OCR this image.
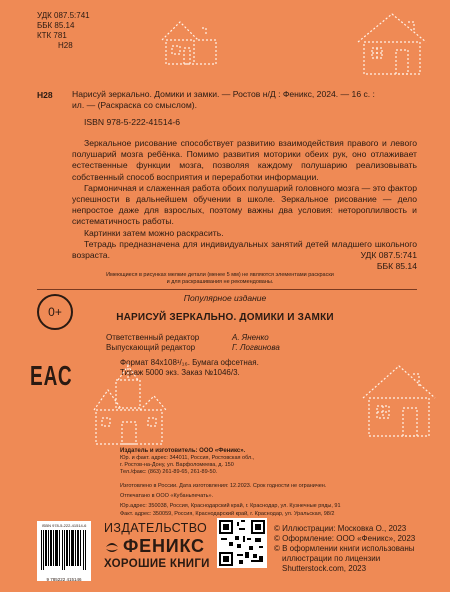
УДК 087.5:741
ББК 85.14
КТК 781
Н28
Н28 Нарисуй зеркально. Домики и замки. — Ростов н/Д : Феникс, 2024. — 16 с. :
ил. — (Раскраска со смыслом).
ISBN 978-5-222-41514-6
Зеркальное рисование способствует развитию взаимодействия правого и левого полушарий мозга ребёнка. Помимо развития моторики обеих рук, оно отлаживает естественные функции мозга, позволяя каждому полушарию реализовывать собственный способ восприятия и переработки информации.
Гармоничная и слаженная работа обоих полушарий головного мозга — это фактор успешности в дальнейшем обучении в школе. Зеркальное рисование — дело непростое даже для взрослых, поэтому важны два условия: нетороплилвость и систематичность работы.
Картинки затем можно раскрасить.
Тетрадь предназначена для индивидуальных занятий детей младшего школьного возраста.	УДК 087.5:741
ББК 85.14
Имеющиеся в рисунках мелкие детали (менее 5 мм) не являются элементами раскраски
и для раскрашивания не рекомендованы.
0+
ЕАС
Популярное издание
НАРИСУЙ ЗЕРКАЛЬНО. ДОМИКИ И ЗАМКИ
Ответственный редактор	А. Яненко
Выпускающий редактор	Г. Логвинова
Формат 84x108¹/₁₆. Бумага офсетная.
Тираж 5000 экз. Заказ №1046/3.
Издатель и изготовитель: ООО «Феникс».
Юр. и факт. адрес: 344011, Россия, Ростовская обл.,
г. Ростов-на-Дону, ул. Варфоломеева, д. 150
Тел./факс: (863) 261-89-65, 261-89-50.
Изготовлено в России. Дата изготовления: 12.2023. Срок годности не ограничен.
Отпечатано в ООО «Кубаньпечать».
Юр.адрес: 350038, Россия, Краснодарский край, г. Краснодар, ул. Кузнечные ряды, 91
Факт. адрес: 350059, Россия, Краснодарский край, г. Краснодар, ул. Уральская, 98/2
ISBN 978-5-222-41514-6
9 785222 415146
ИЗДАТЕЛЬСТВО
ФЕНИКС
ХОРОШИЕ КНИГИ
© Иллюстрации: Московка О., 2023
© Оформление: ООО «Феникс», 2023
© В оформлении книги использованы
иллюстрации по лицензии
Shutterstock.com, 2023
